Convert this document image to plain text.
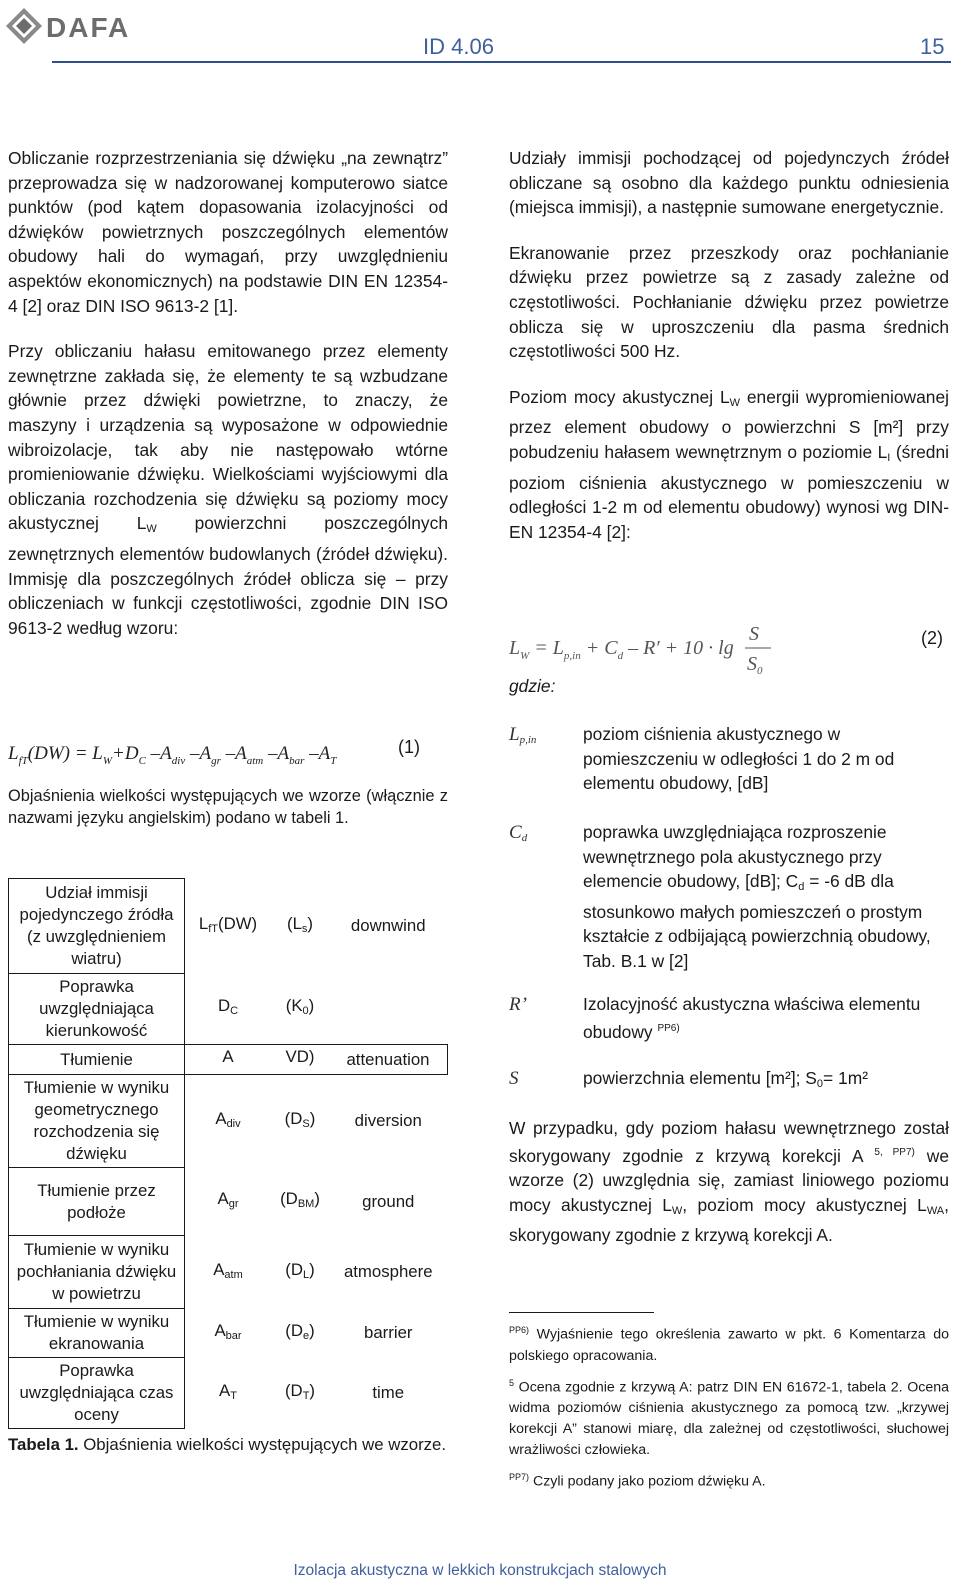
DAFA
ID 4.06	15

Obliczanie rozprzestrzeniania się dźwięku „na zewnątrz” przeprowadza się w nadzorowanej komputerowo siatce punktów (pod kątem dopasowania izolacyjności od dźwięków powietrznych poszczególnych elementów obudowy hali do wymagań, przy uwzględnieniu aspektów ekonomicznych) na podstawie DIN EN 12354-4 [2] oraz DIN ISO 9613-2 [1].

Przy obliczaniu hałasu emitowanego przez elementy zewnętrzne zakłada się, że elementy te są wzbudzane głównie przez dźwięki powietrzne, to znaczy, że maszyny i urządzenia są wyposażone w odpowiednie wibroizolacje, tak aby nie następowało wtórne promieniowanie dźwięku. Wielkościami wyjściowymi dla obliczania rozchodzenia się dźwięku są poziomy mocy akustycznej $L_W$ powierzchni poszczególnych zewnętrznych elementów budowlanych (źródeł dźwięku). Immisję dla poszczególnych źródeł oblicza się – przy obliczeniach w funkcji częstotliwości, zgodnie DIN ISO 9613-2 według wzoru:

$L_{fT}(DW) = L_W+D_C$ $-A_{div}$ $-A_{gr}$ $-A_{atm}$ $-A_{bar}$ $-A_T$
(1)
Objaśnienia wielkości występujących we wzorze (włącznie z nazwami języku angielskim) podano w tabeli 1.
Udział immisji pojedynczego źródła (z uwzględnieniem wiatru)	$L_{fT}(DW)$	$(L_s)$	downwind
Poprawka uwzględniająca kierunkowość	$D_C$	$(K_0)$	
Tłumienie	A	VD)	attenuation
Tłumienie w wyniku geometrycznego rozchodzenia się dźwięku	$A_{div}$	$(D_S)$	diversion
Tłumienie przez podłoże	$A_{gr}$	$(D_{BM})$	ground
Tłumienie w wyniku pochłaniania dźwięku w powietrzu	$A_{atm}$	$(D_L)$	atmosphere
Tłumienie w wyniku ekranowania	$A_{bar}$	$(D_e)$	barrier
Poprawka uwzględniająca czas oceny	$A_T$	$(D_T)$	time
Tabela 1. Objaśnienia wielkości występujących we wzorze.

Udziały immisji pochodzącej od pojedynczych źródeł obliczane są osobno dla każdego punktu odniesienia (miejsca immisji), a następnie sumowane energetycznie.

Ekranowanie przez przeszkody oraz pochłanianie dźwięku przez powietrze są z zasady zależne od częstotliwości. Pochłanianie dźwięku przez powietrze oblicza się w uproszczeniu dla pasma średnich częstotliwości 500 Hz.

Poziom mocy akustycznej $L_W$ energii wypromieniowanej przez element obudowy o powierzchni S [m²] przy pobudzeniu hałasem wewnętrznym o poziomie $L_I$ (średni poziom ciśnienia akustycznego w pomieszczeniu w odległości 1-2 m od elementu obudowy) wynosi wg DIN-EN 12354-4 [2]:

$L_W = L_{p,in} + C_d - R' + 10 \cdot \lg$
S
$S_0$
(2)
gdzie:
$L_{p,in}$	poziom ciśnienia akustycznego w pomieszczeniu w odległości 1 do 2 m od elementu obudowy, [dB]
$C_d$	poprawka uwzględniająca rozproszenie wewnętrznego pola akustycznego przy elemencie obudowy, [dB]; $C_d = -6$ dB dla stosunkowo małych pomieszczeń o prostym kształcie z odbijającą powierzchnią obudowy, Tab. B.1 w [2]
R’	Izolacyjność akustyczna właściwa elementu obudowy $^{PP6)}$
S	powierzchnia elementu [m²]; $S_0= 1m^2$
W przypadku, gdy poziom hałasu wewnętrznego został skorygowany zgodnie z krzywą korekcji A $^{5, PP7)}$ we wzorze (2) uwzględnia się, zamiast liniowego poziomu mocy akustycznej $L_W$, poziom mocy akustycznej $L_{WA}$, skorygowany zgodnie z krzywą korekcji A.

$^{PP6)}$ Wyjaśnienie tego określenia zawarto w pkt. 6 Komentarza do polskiego opracowania.

$^5$ Ocena zgodnie z krzywą A: patrz DIN EN 61672-1, tabela 2. Ocena widma poziomów ciśnienia akustycznego za pomocą tzw. „krzywej korekcji A” stanowi miarę, dla zależnej od częstotliwości, słuchowej wrażliwości człowieka.

$^{PP7)}$ Czyli podany jako poziom dźwięku A.

Izolacja akustyczna w lekkich konstrukcjach stalowych
